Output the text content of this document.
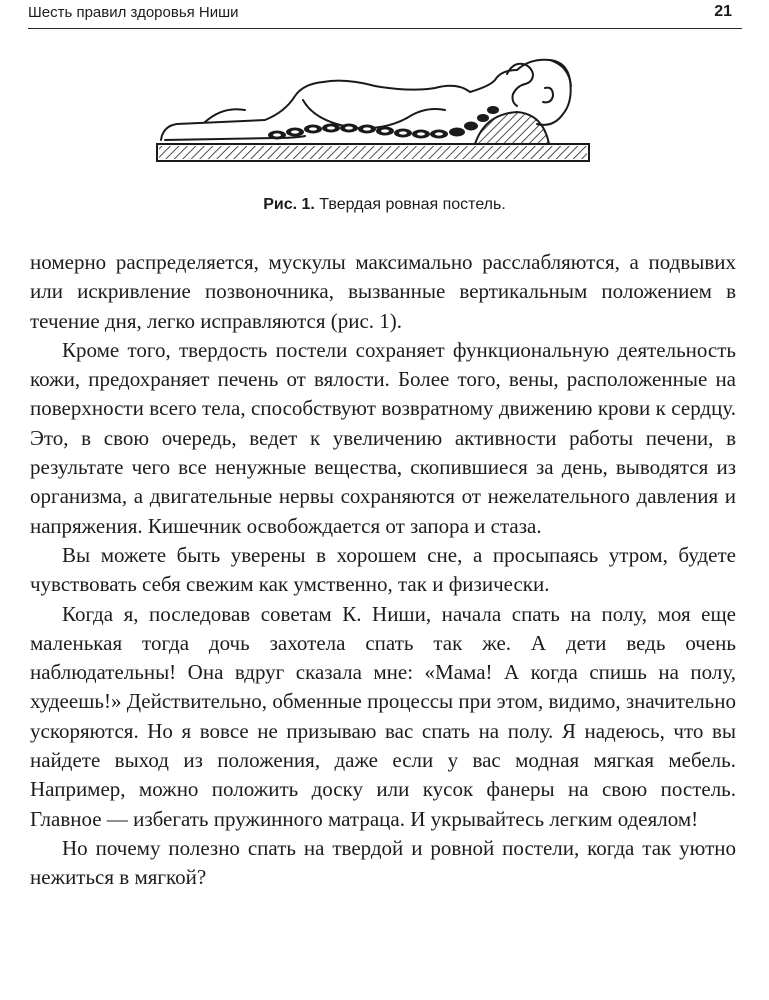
Шесть правил здоровья Ниши	21
Рис. 1. Твердая ровная постель.

номерно распределяется, мускулы максимально расслабляются, а подвывих или искривление позвоночника, вызванные вертикальным положением в течение дня, легко исправляются (рис. 1).

Кроме того, твердость постели сохраняет функциональную деятельность кожи, предохраняет печень от вялости. Более того, вены, расположенные на поверхности всего тела, способствуют возвратному движению крови к сердцу. Это, в свою очередь, ведет к увеличению активности работы печени, в результате чего все ненужные вещества, скопившиеся за день, выводятся из организма, а двигательные нервы сохраняются от нежелательного давления и напряжения. Кишечник освобождается от запора и стаза.

Вы можете быть уверены в хорошем сне, а просыпаясь утром, будете чувствовать себя свежим как умственно, так и физически.

Когда я, последовав советам К. Ниши, начала спать на полу, моя еще маленькая тогда дочь захотела спать так же. А дети ведь очень наблюдательны! Она вдруг сказала мне: «Мама! А когда спишь на полу, худеешь!» Действительно, обменные процессы при этом, видимо, значительно ускоряются. Но я вовсе не призываю вас спать на полу. Я надеюсь, что вы найдете выход из положения, даже если у вас модная мягкая мебель. Например, можно положить доску или кусок фанеры на свою постель. Главное — избегать пружинного матраца. И укрывайтесь легким одеялом!

Но почему полезно спать на твердой и ровной постели, когда так уютно нежиться в мягкой?
